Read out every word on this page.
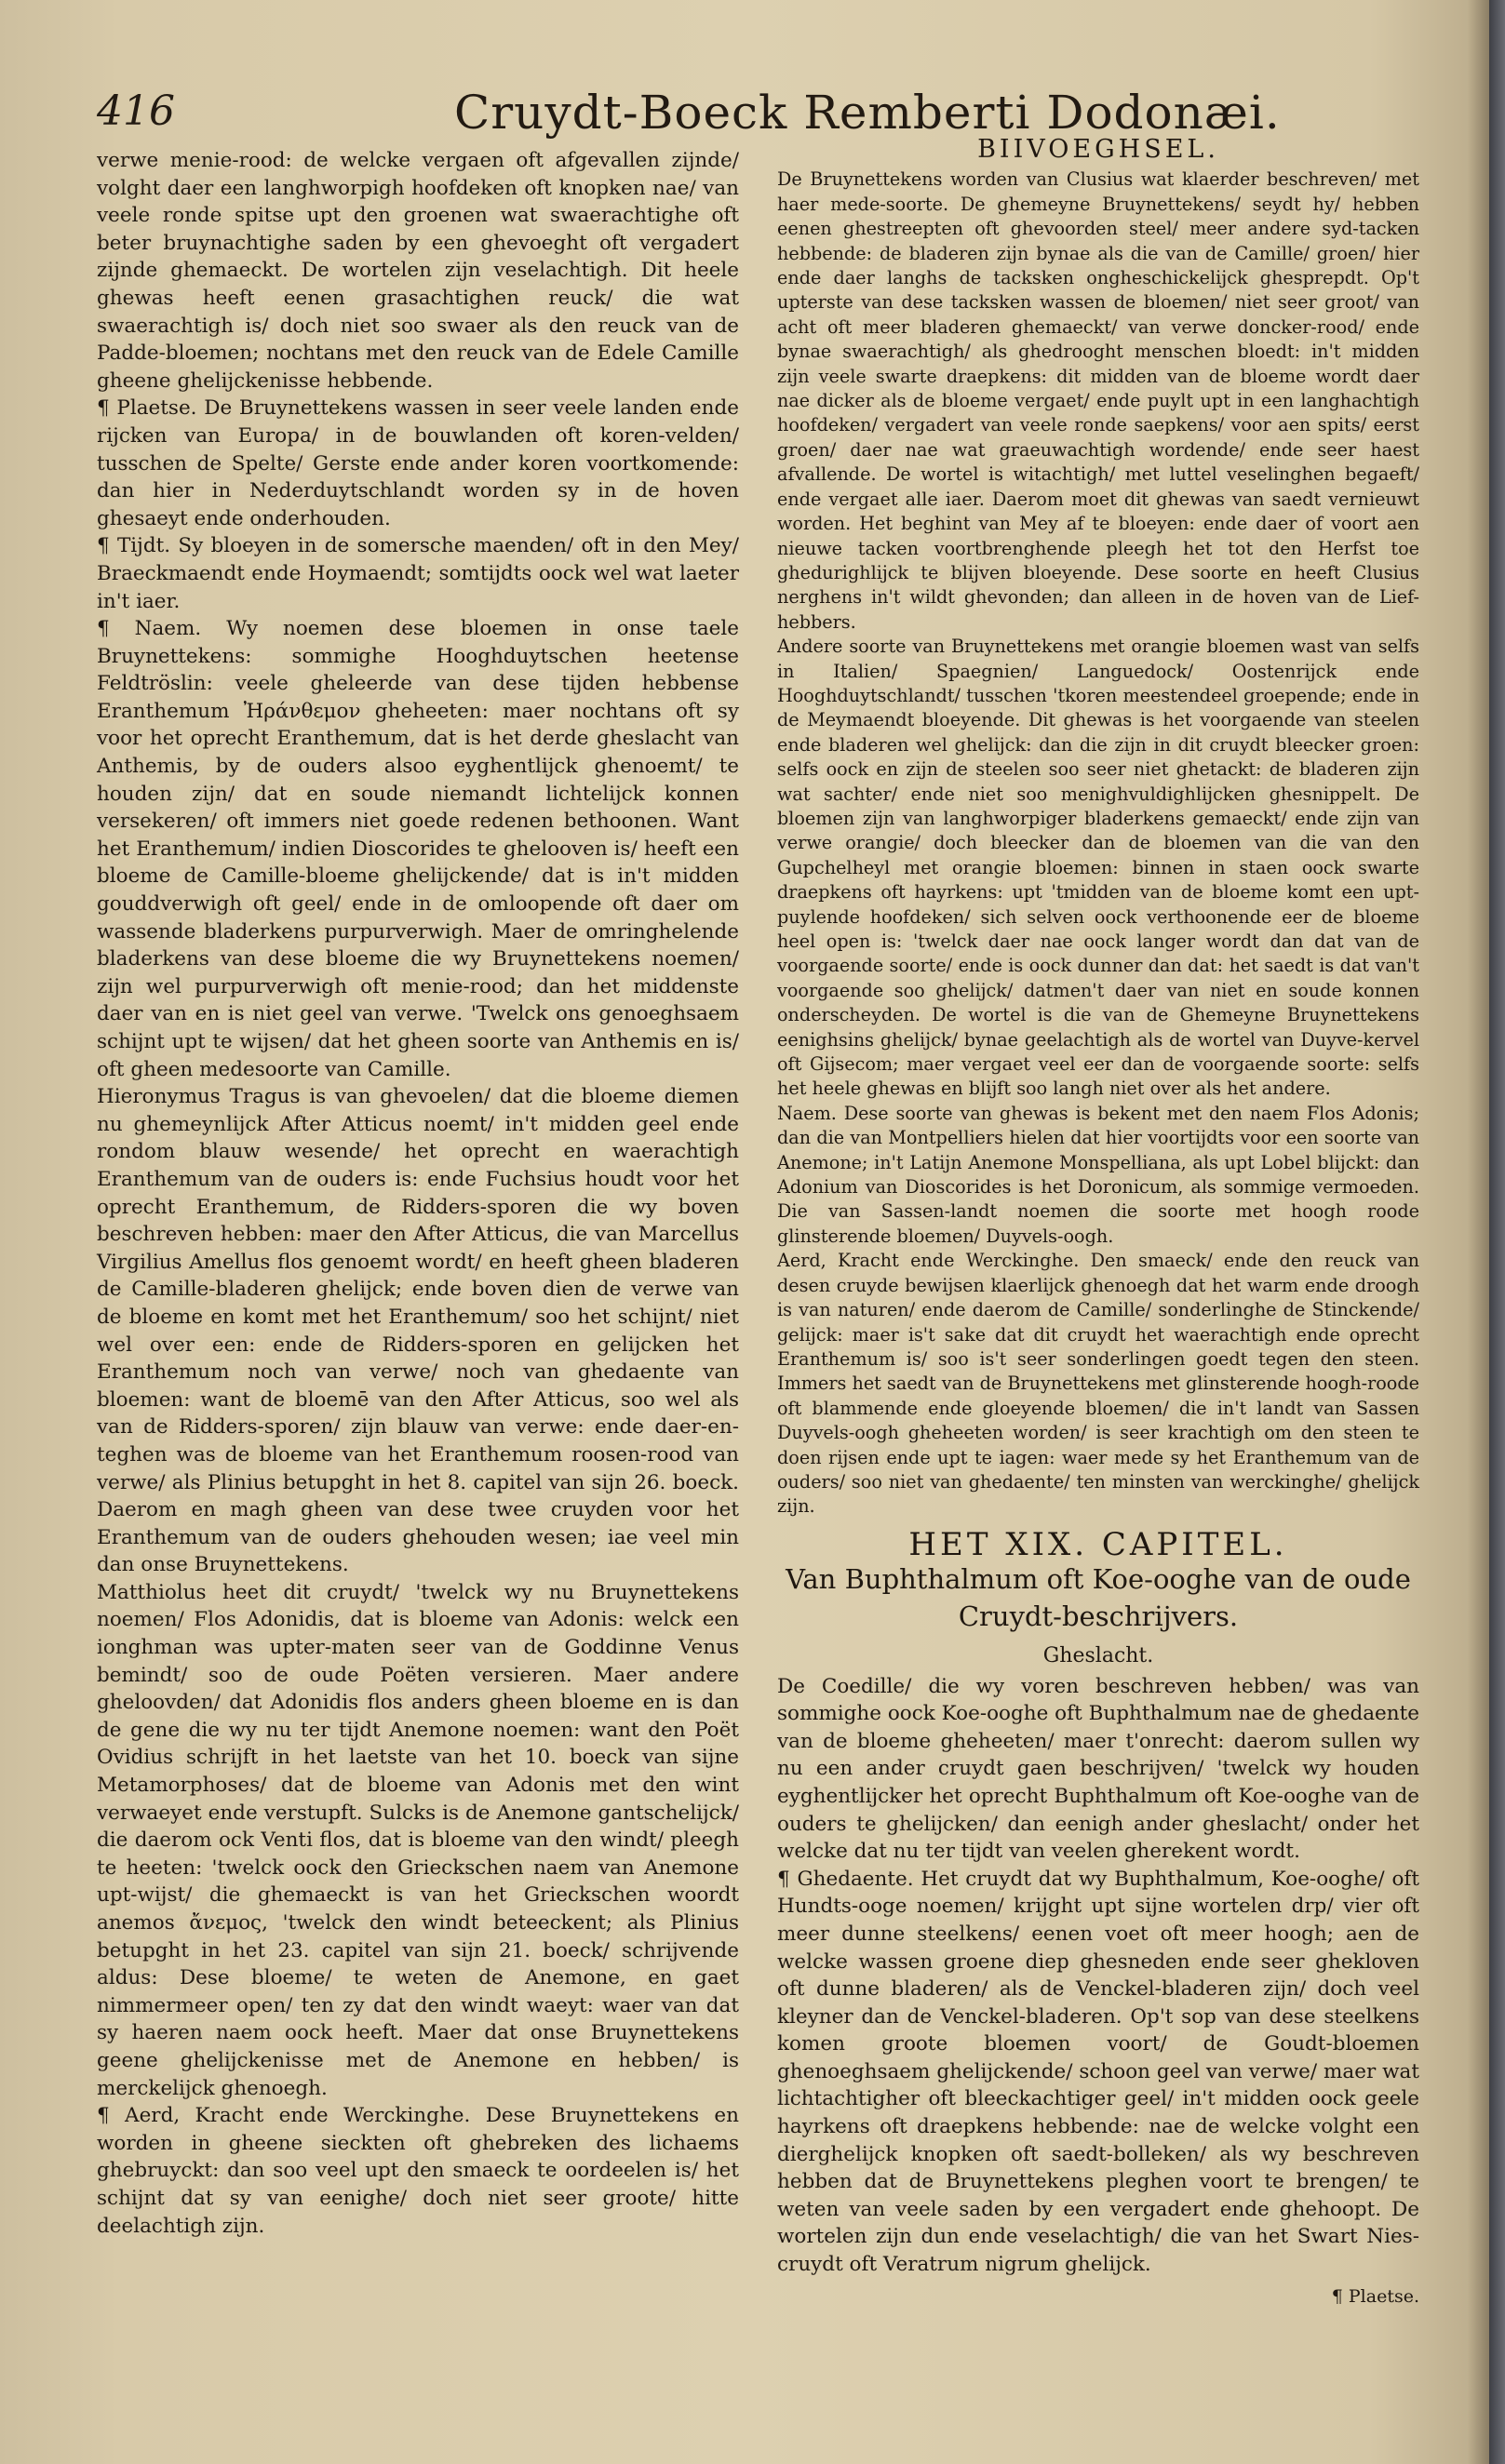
416	Cruydt-Boeck Remberti Dodonæi.

verwe menie-rood: de welcke vergaen oft afgevallen zijnde/ volght daer een langhworpigh hoofdeken oft knopken nae/ van veele ronde spitse upt den groenen wat swaerachtighe oft beter bruynachtighe saden by een ghevoeght oft vergadert zijnde ghemaeckt. De wortelen zijn veselachtigh. Dit heele ghewas heeft eenen grasachtighen reuck/ die wat swaerachtigh is/ doch niet soo swaer als den reuck van de Padde-bloemen; nochtans met den reuck van de Edele Camille gheene ghelijckenisse hebbende.

¶ Plaetse. De Bruynettekens wassen in seer veele landen ende rijcken van Europa/ in de bouwlanden oft koren-velden/ tusschen de Spelte/ Gerste ende ander koren voortkomende: dan hier in Nederduytschlandt worden sy in de hoven ghesaeyt ende onderhouden.

¶ Tijdt. Sy bloeyen in de somersche maenden/ oft in den Mey/ Braeckmaendt ende Hoymaendt; somtijdts oock wel wat laeter in't iaer.

¶ Naem. Wy noemen dese bloemen in onse taele Bruynettekens: sommighe Hooghduytschen heetense Feldtröslin: veele gheleerde van dese tijden hebbense Eranthemum Ἠράνθεμον gheheeten: maer nochtans oft sy voor het oprecht Eranthemum, dat is het derde gheslacht van Anthemis, by de ouders alsoo eyghentlijck ghenoemt/ te houden zijn/ dat en soude niemandt lichtelijck konnen versekeren/ oft immers niet goede redenen bethoonen. Want het Eranthemum/ indien Dioscorides te ghelooven is/ heeft een bloeme de Camille-bloeme ghelijckende/ dat is in't midden gouddverwigh oft geel/ ende in de omloopende oft daer om wassende bladerkens purpurverwigh. Maer de omringhelende bladerkens van dese bloeme die wy Bruynettekens noemen/ zijn wel purpurverwigh oft menie-rood; dan het middenste daer van en is niet geel van verwe. 'Twelck ons genoeghsaem schijnt upt te wijsen/ dat het gheen soorte van Anthemis en is/ oft gheen medesoorte van Camille.

Hieronymus Tragus is van ghevoelen/ dat die bloeme diemen nu ghemeynlijck After Atticus noemt/ in't midden geel ende rondom blauw wesende/ het oprecht en waerachtigh Eranthemum van de ouders is: ende Fuchsius houdt voor het oprecht Eranthemum, de Ridders-sporen die wy boven beschreven hebben: maer den After Atticus, die van Marcellus Virgilius Amellus flos genoemt wordt/ en heeft gheen bladeren de Camille-bladeren ghelijck; ende boven dien de verwe van de bloeme en komt met het Eranthemum/ soo het schijnt/ niet wel over een: ende de Ridders-sporen en gelijcken het Eranthemum noch van verwe/ noch van ghedaente van bloemen: want de bloemē van den After Atticus, soo wel als van de Ridders-sporen/ zijn blauw van verwe: ende daer-en-teghen was de bloeme van het Eranthemum roosen-rood van verwe/ als Plinius betupght in het 8. capitel van sijn 26. boeck. Daerom en magh gheen van dese twee cruyden voor het Eranthemum van de ouders ghehouden wesen; iae veel min dan onse Bruynettekens.

Matthiolus heet dit cruydt/ 'twelck wy nu Bruynettekens noemen/ Flos Adonidis, dat is bloeme van Adonis: welck een ionghman was upter-maten seer van de Goddinne Venus bemindt/ soo de oude Poëten versieren. Maer andere gheloovden/ dat Adonidis flos anders gheen bloeme en is dan de gene die wy nu ter tijdt Anemone noemen: want den Poët Ovidius schrijft in het laetste van het 10. boeck van sijne Metamorphoses/ dat de bloeme van Adonis met den wint verwaeyet ende verstupft. Sulcks is de Anemone gantschelijck/ die daerom ock Venti flos, dat is bloeme van den windt/ pleegh te heeten: 'twelck oock den Grieckschen naem van Anemone upt-wijst/ die ghemaeckt is van het Grieckschen woordt anemos ἄνεμος, 'twelck den windt beteeckent; als Plinius betupght in het 23. capitel van sijn 21. boeck/ schrijvende aldus: Dese bloeme/ te weten de Anemone, en gaet nimmermeer open/ ten zy dat den windt waeyt: waer van dat sy haeren naem oock heeft. Maer dat onse Bruynettekens geene ghelijckenisse met de Anemone en hebben/ is merckelijck ghenoegh.

¶ Aerd, Kracht ende Werckinghe. Dese Bruynettekens en worden in gheene sieckten oft ghebreken des lichaems ghebruyckt: dan soo veel upt den smaeck te oordeelen is/ het schijnt dat sy van eenighe/ doch niet seer groote/ hitte deelachtigh zijn.

BIIVOEGHSEL.

De Bruynettekens worden van Clusius wat klaerder beschreven/ met haer mede-soorte. De ghemeyne Bruynettekens/ seydt hy/ hebben eenen ghestreepten oft ghevoorden steel/ meer andere syd-tacken hebbende: de bladeren zijn bynae als die van de Camille/ groen/ hier ende daer langhs de tacksken ongheschickelijck ghesprepdt. Op't upterste van dese tacksken wassen de bloemen/ niet seer groot/ van acht oft meer bladeren ghemaeckt/ van verwe doncker-rood/ ende bynae swaerachtigh/ als ghedrooght menschen bloedt: in't midden zijn veele swarte draepkens: dit midden van de bloeme wordt daer nae dicker als de bloeme vergaet/ ende puylt upt in een langhachtigh hoofdeken/ vergadert van veele ronde saepkens/ voor aen spits/ eerst groen/ daer nae wat graeuwachtigh wordende/ ende seer haest afvallende. De wortel is witachtigh/ met luttel veselinghen begaeft/ ende vergaet alle iaer. Daerom moet dit ghewas van saedt vernieuwt worden. Het beghint van Mey af te bloeyen: ende daer of voort aen nieuwe tacken voortbrenghende pleegh het tot den Herfst toe ghedurighlijck te blijven bloeyende. Dese soorte en heeft Clusius nerghens in't wildt ghevonden; dan alleen in de hoven van de Lief-hebbers.

Andere soorte van Bruynettekens met orangie bloemen wast van selfs in Italien/ Spaegnien/ Languedock/ Oostenrijck ende Hooghduytschlandt/ tusschen 'tkoren meestendeel groepende; ende in de Meymaendt bloeyende. Dit ghewas is het voorgaende van steelen ende bladeren wel ghelijck: dan die zijn in dit cruydt bleecker groen: selfs oock en zijn de steelen soo seer niet ghetackt: de bladeren zijn wat sachter/ ende niet soo menighvuldighlijcken ghesnippelt. De bloemen zijn van langhworpiger bladerkens gemaeckt/ ende zijn van verwe orangie/ doch bleecker dan de bloemen van die van den Gupchelheyl met orangie bloemen: binnen in staen oock swarte draepkens oft hayrkens: upt 'tmidden van de bloeme komt een upt-puylende hoofdeken/ sich selven oock verthoonende eer de bloeme heel open is: 'twelck daer nae oock langer wordt dan dat van de voorgaende soorte/ ende is oock dunner dan dat: het saedt is dat van't voorgaende soo ghelijck/ datmen't daer van niet en soude konnen onderscheyden. De wortel is die van de Ghemeyne Bruynettekens eenighsins ghelijck/ bynae geelachtigh als de wortel van Duyve-kervel oft Gijsecom; maer vergaet veel eer dan de voorgaende soorte: selfs het heele ghewas en blijft soo langh niet over als het andere.

Naem. Dese soorte van ghewas is bekent met den naem Flos Adonis; dan die van Montpelliers hielen dat hier voortijdts voor een soorte van Anemone; in't Latijn Anemone Monspelliana, als upt Lobel blijckt: dan Adonium van Dioscorides is het Doronicum, als sommige vermoeden. Die van Sassen-landt noemen die soorte met hoogh roode glinsterende bloemen/ Duyvels-oogh.

Aerd, Kracht ende Werckinghe. Den smaeck/ ende den reuck van desen cruyde bewijsen klaerlijck ghenoegh dat het warm ende droogh is van naturen/ ende daerom de Camille/ sonderlinghe de Stinckende/ gelijck: maer is't sake dat dit cruydt het waerachtigh ende oprecht Eranthemum is/ soo is't seer sonderlingen goedt tegen den steen. Immers het saedt van de Bruynettekens met glinsterende hoogh-roode oft blammende ende gloeyende bloemen/ die in't landt van Sassen Duyvels-oogh gheheeten worden/ is seer krachtigh om den steen te doen rijsen ende upt te iagen: waer mede sy het Eranthemum van de ouders/ soo niet van ghedaente/ ten minsten van werckinghe/ ghelijck zijn.

HET XIX. CAPITEL.
Van Buphthalmum oft Koe-ooghe van de oude
Cruydt-beschrijvers.
Gheslacht.

De Coedille/ die wy voren beschreven hebben/ was van sommighe oock Koe-ooghe oft Buphthalmum nae de ghedaente van de bloeme gheheeten/ maer t'onrecht: daerom sullen wy nu een ander cruydt gaen beschrijven/ 'twelck wy houden eyghentlijcker het oprecht Buphthalmum oft Koe-ooghe van de ouders te ghelijcken/ dan eenigh ander gheslacht/ onder het welcke dat nu ter tijdt van veelen gherekent wordt.

¶ Ghedaente. Het cruydt dat wy Buphthalmum, Koe-ooghe/ oft Hundts-ooge noemen/ krijght upt sijne wortelen drp/ vier oft meer dunne steelkens/ eenen voet oft meer hoogh; aen de welcke wassen groene diep ghesneden ende seer ghekloven oft dunne bladeren/ als de Venckel-bladeren zijn/ doch veel kleyner dan de Venckel-bladeren. Op't sop van dese steelkens komen groote bloemen voort/ de Goudt-bloemen ghenoeghsaem ghelijckende/ schoon geel van verwe/ maer wat lichtachtigher oft bleeckachtiger geel/ in't midden oock geele hayrkens oft draepkens hebbende: nae de welcke volght een dierghelijck knopken oft saedt-bolleken/ als wy beschreven hebben dat de Bruynettekens pleghen voort te brengen/ te weten van veele saden by een vergadert ende ghehoopt. De wortelen zijn dun ende veselachtigh/ die van het Swart Nies-cruydt oft Veratrum nigrum ghelijck.

¶ Plaetse.
